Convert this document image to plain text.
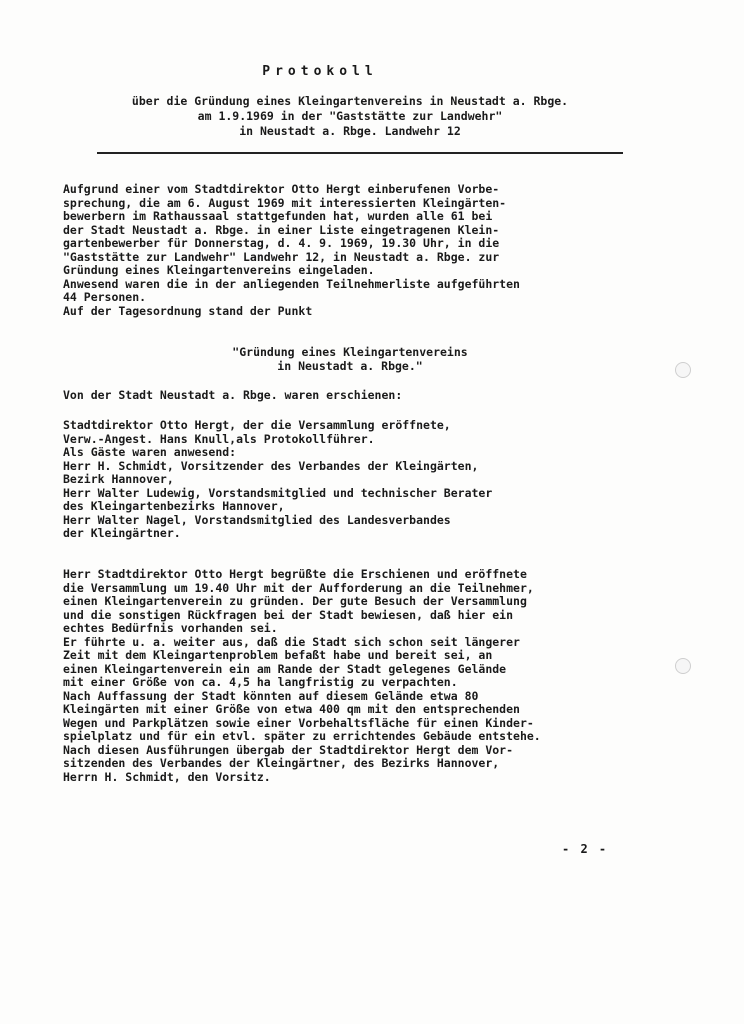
Protokoll
über die Gründung eines Kleingartenvereins in Neustadt a. Rbge.
am 1.9.1969 in der "Gaststätte zur Landwehr"
in Neustadt a. Rbge. Landwehr 12
Aufgrund einer vom Stadtdirektor Otto Hergt einberufenen Vorbe-
sprechung, die am 6. August 1969 mit interessierten Kleingärten-
bewerbern im Rathaussaal stattgefunden hat, wurden alle 61 bei
der Stadt Neustadt a. Rbge. in einer Liste eingetragenen Klein-
gartenbewerber für Donnerstag, d. 4. 9. 1969, 19.30 Uhr, in die
"Gaststätte zur Landwehr" Landwehr 12, in Neustadt a. Rbge. zur
Gründung eines Kleingartenvereins eingeladen.
Anwesend waren die in der anliegenden Teilnehmerliste aufgeführten
44 Personen.
Auf der Tagesordnung stand der Punkt
"Gründung eines Kleingartenvereins
in Neustadt a. Rbge."
Von der Stadt Neustadt a. Rbge. waren erschienen:
Stadtdirektor Otto Hergt, der die Versammlung eröffnete,
Verw.-Angest. Hans Knull,als Protokollführer.
Als Gäste waren anwesend:
Herr H. Schmidt, Vorsitzender des Verbandes der Kleingärten,
Bezirk Hannover,
Herr Walter Ludewig, Vorstandsmitglied und technischer Berater
des Kleingartenbezirks Hannover,
Herr Walter Nagel, Vorstandsmitglied des Landesverbandes
der Kleingärtner.
Herr Stadtdirektor Otto Hergt begrüßte die Erschienen und eröffnete
die Versammlung um 19.40 Uhr mit der Aufforderung an die Teilnehmer,
einen Kleingartenverein zu gründen. Der gute Besuch der Versammlung
und die sonstigen Rückfragen bei der Stadt bewiesen, daß hier ein
echtes Bedürfnis vorhanden sei.
Er führte u. a. weiter aus, daß die Stadt sich schon seit längerer
Zeit mit dem Kleingartenproblem befaßt habe und bereit sei, an
einen Kleingartenverein ein am Rande der Stadt gelegenes Gelände
mit einer Größe von ca. 4,5 ha langfristig zu verpachten.
Nach Auffassung der Stadt könnten auf diesem Gelände etwa 80
Kleingärten mit einer Größe von etwa 400 qm mit den entsprechenden
Wegen und Parkplätzen sowie einer Vorbehaltsfläche für einen Kinder-
spielplatz und für ein etvl. später zu errichtendes Gebäude entstehe.
Nach diesen Ausführungen übergab der Stadtdirektor Hergt dem Vor-
sitzenden des Verbandes der Kleingärtner, des Bezirks Hannover,
Herrn H. Schmidt, den Vorsitz.
- 2 -
